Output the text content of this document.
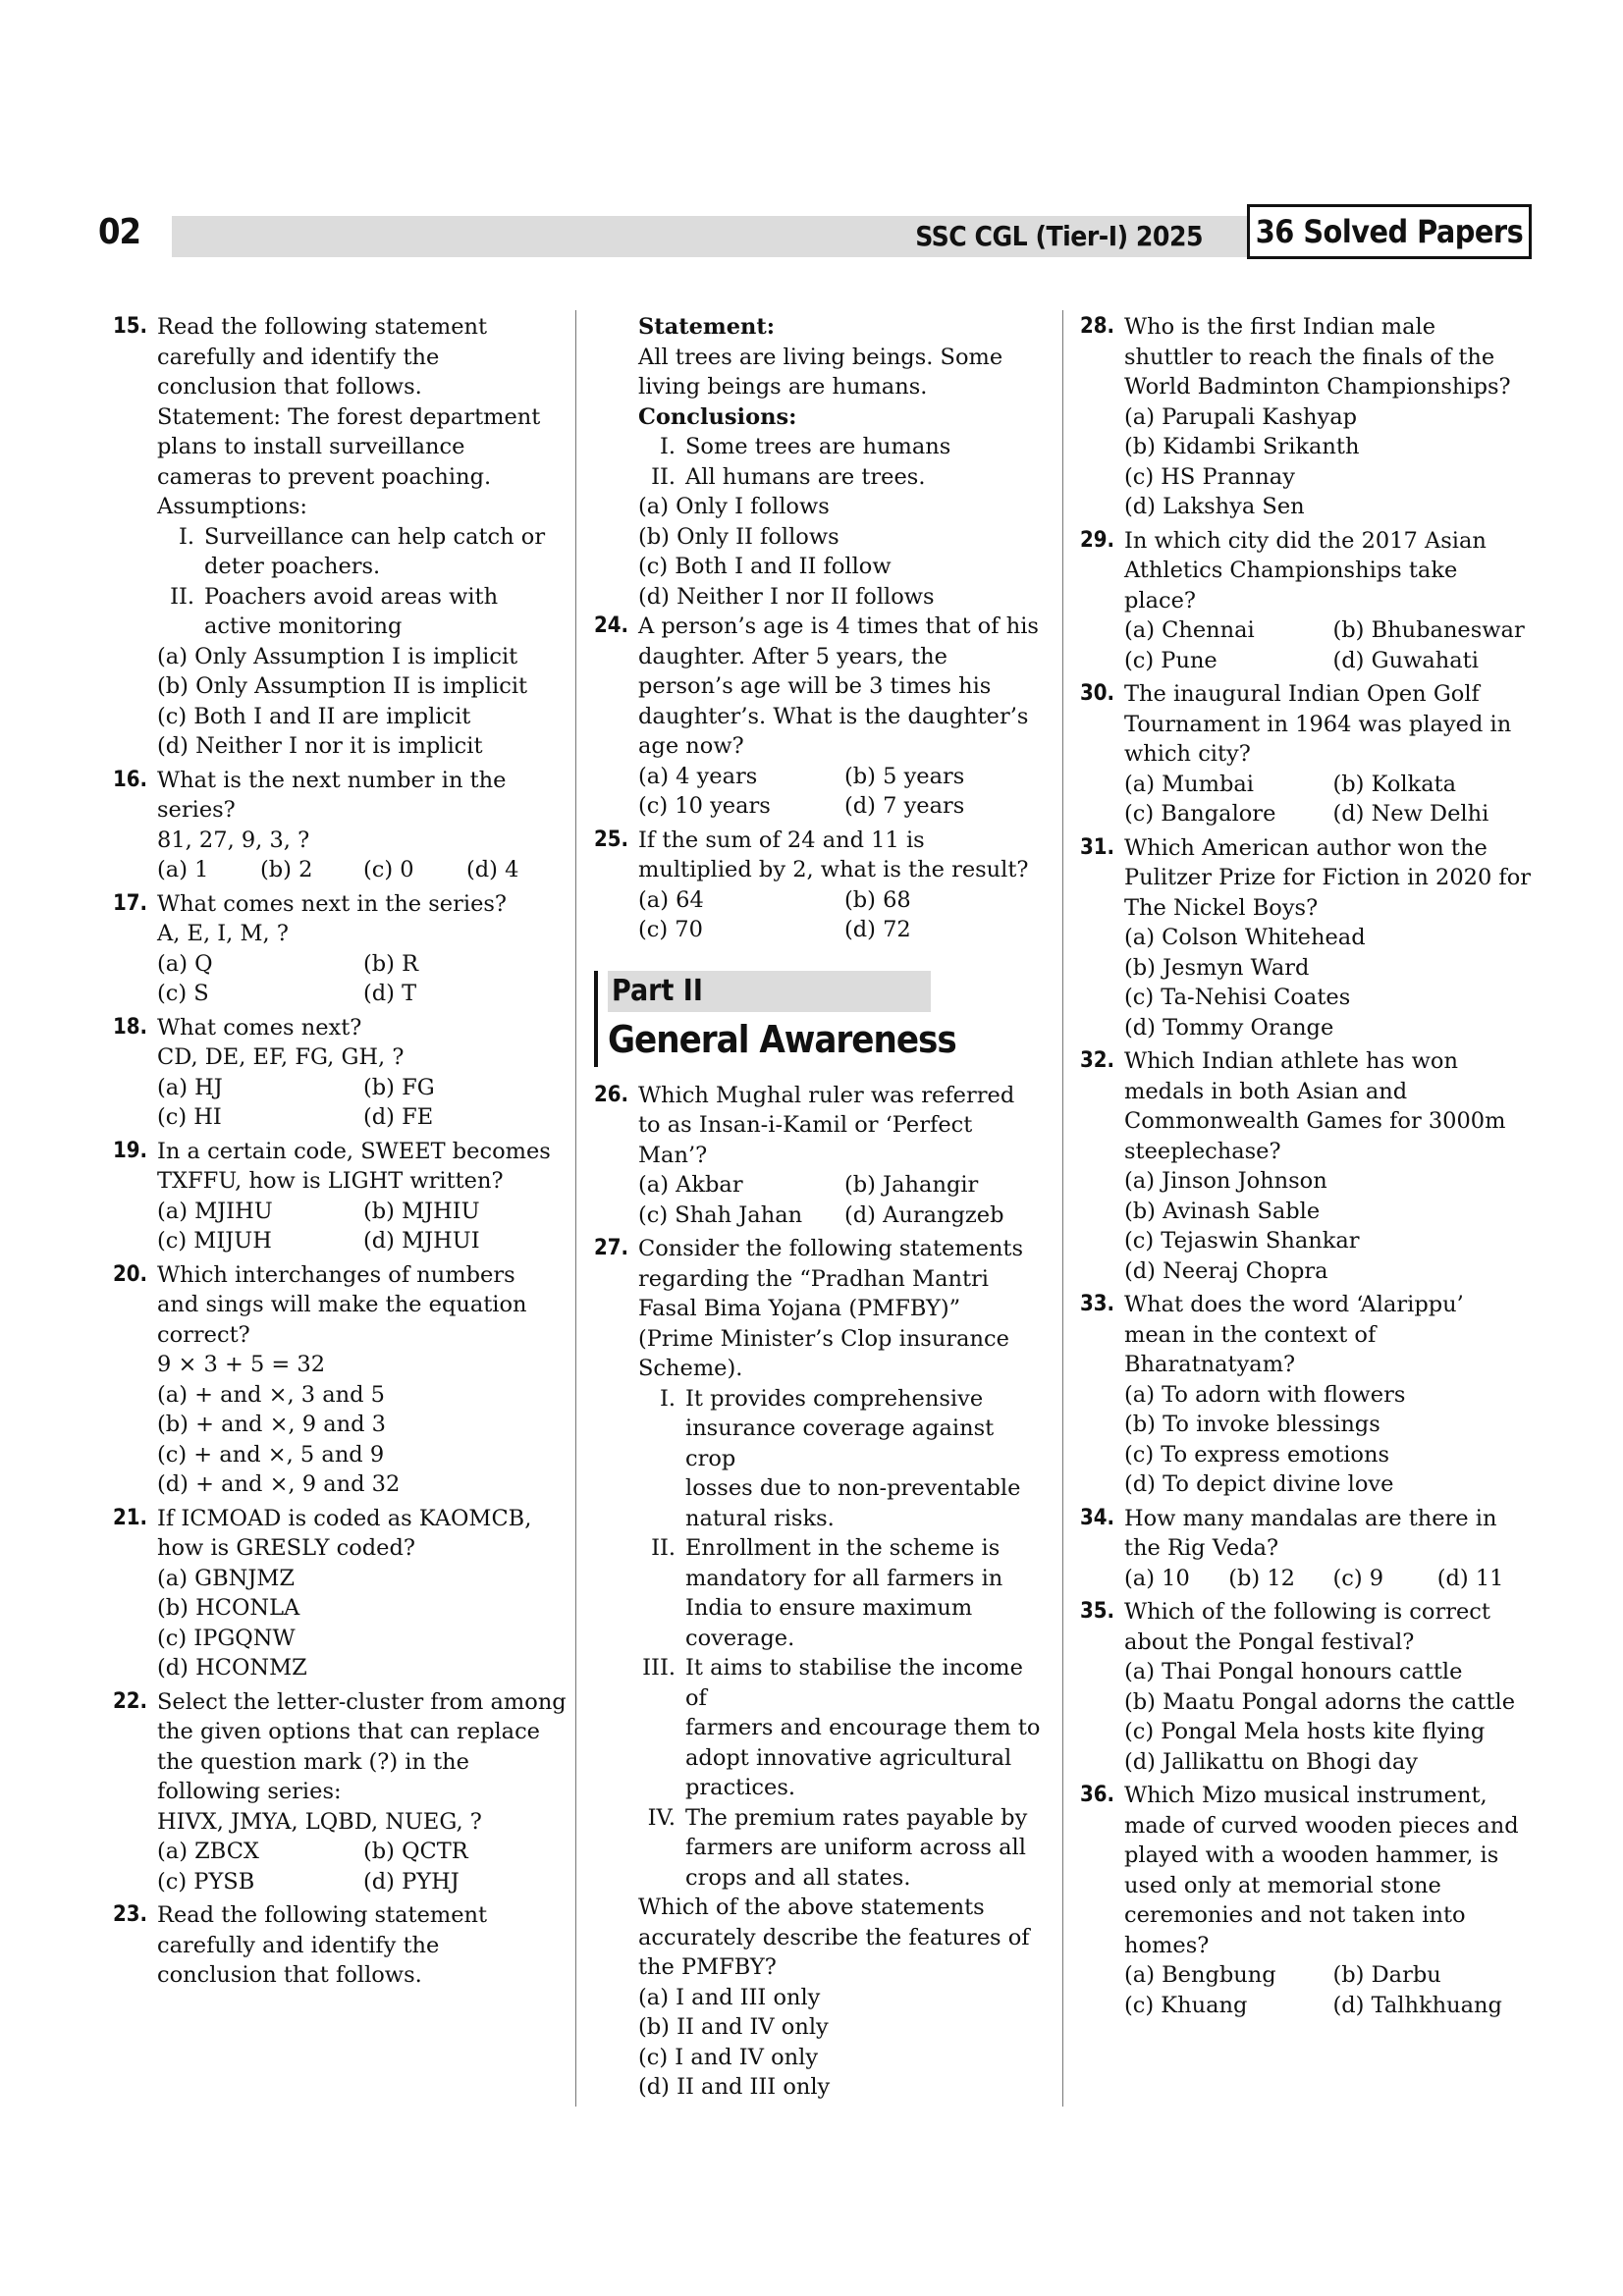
02	SSC CGL (Tier-I) 2025 36 Solved Papers
15. Read the following statement
carefully and identify the
conclusion that follows.
Statement: The forest department
plans to install surveillance
cameras to prevent poaching.
Assumptions:
I. Surveillance can help catch or
deter poachers.
II. Poachers avoid areas with
active monitoring
(a) Only Assumption I is implicit
(b) Only Assumption II is implicit
(c) Both I and II are implicit
(d) Neither I nor it is implicit
16. What is the next number in the
series?
81, 27, 9, 3, ?
(a) 1	(b) 2	(c) 0	(d) 4
17. What comes next in the series?
A, E, I, M, ?
(a) Q	(b) R
(c) S	(d) T
18. What comes next?
CD, DE, EF, FG, GH, ?
(a) HJ	(b) FG
(c) HI	(d) FE
19. In a certain code, SWEET becomes
TXFFU, how is LIGHT written?
(a) MJIHU	(b) MJHIU
(c) MIJUH	(d) MJHUI
20. Which interchanges of numbers
and sings will make the equation
correct?
9 × 3 + 5 = 32
(a) + and ×, 3 and 5
(b) + and ×, 9 and 3
(c) + and ×, 5 and 9
(d) + and ×, 9 and 32
21. If ICMOAD is coded as KAOMCB,
how is GRESLY coded?
(a) GBNJMZ
(b) HCONLA
(c) IPGQNW
(d) HCONMZ
22. Select the letter-cluster from among
the given options that can replace
the question mark (?) in the
following series:
HIVX, JMYA, LQBD, NUEG, ?
(a) ZBCX	(b) QCTR
(c) PYSB	(d) PYHJ
23. Read the following statement
carefully and identify the
conclusion that follows.
Statement:
All trees are living beings. Some
living beings are humans.
Conclusions:
I. Some trees are humans
II. All humans are trees.
(a) Only I follows
(b) Only II follows
(c) Both I and II follow
(d) Neither I nor II follows
24. A person’s age is 4 times that of his
daughter. After 5 years, the
person’s age will be 3 times his
daughter’s. What is the daughter’s
age now?
(a) 4 years	(b) 5 years
(c) 10 years	(d) 7 years
25. If the sum of 24 and 11 is
multiplied by 2, what is the result?
(a) 64	(b) 68
(c) 70	(d) 72
Part II
General Awareness
26. Which Mughal ruler was referred
to as Insan-i-Kamil or ‘Perfect
Man’?
(a) Akbar	(b) Jahangir
(c) Shah Jahan	(d) Aurangzeb
27. Consider the following statements
regarding the “Pradhan Mantri
Fasal Bima Yojana (PMFBY)”
(Prime Minister’s Clop insurance
Scheme).
I. It provides comprehensive
insurance coverage against crop
losses due to non-preventable
natural risks.
II. Enrollment in the scheme is
mandatory for all farmers in
India to ensure maximum
coverage.
III. It aims to stabilise the income of
farmers and encourage them to
adopt innovative agricultural
practices.
IV. The premium rates payable by
farmers are uniform across all
crops and all states.
Which of the above statements
accurately describe the features of
the PMFBY?
(a) I and III only
(b) II and IV only
(c) I and IV only
(d) II and III only
28. Who is the first Indian male
shuttler to reach the finals of the
World Badminton Championships?
(a) Parupali Kashyap
(b) Kidambi Srikanth
(c) HS Prannay
(d) Lakshya Sen
29. In which city did the 2017 Asian
Athletics Championships take
place?
(a) Chennai	(b) Bhubaneswar
(c) Pune	(d) Guwahati
30. The inaugural Indian Open Golf
Tournament in 1964 was played in
which city?
(a) Mumbai	(b) Kolkata
(c) Bangalore	(d) New Delhi
31. Which American author won the
Pulitzer Prize for Fiction in 2020 for
The Nickel Boys?
(a) Colson Whitehead
(b) Jesmyn Ward
(c) Ta-Nehisi Coates
(d) Tommy Orange
32. Which Indian athlete has won
medals in both Asian and
Commonwealth Games for 3000m
steeplechase?
(a) Jinson Johnson
(b) Avinash Sable
(c) Tejaswin Shankar
(d) Neeraj Chopra
33. What does the word ‘Alarippu’
mean in the context of
Bharatnatyam?
(a) To adorn with flowers
(b) To invoke blessings
(c) To express emotions
(d) To depict divine love
34. How many mandalas are there in
the Rig Veda?
(a) 10	(b) 12	(c) 9	(d) 11
35. Which of the following is correct
about the Pongal festival?
(a) Thai Pongal honours cattle
(b) Maatu Pongal adorns the cattle
(c) Pongal Mela hosts kite flying
(d) Jallikattu on Bhogi day
36. Which Mizo musical instrument,
made of curved wooden pieces and
played with a wooden hammer, is
used only at memorial stone
ceremonies and not taken into
homes?
(a) Bengbung	(b) Darbu
(c) Khuang	(d) Talhkhuang
